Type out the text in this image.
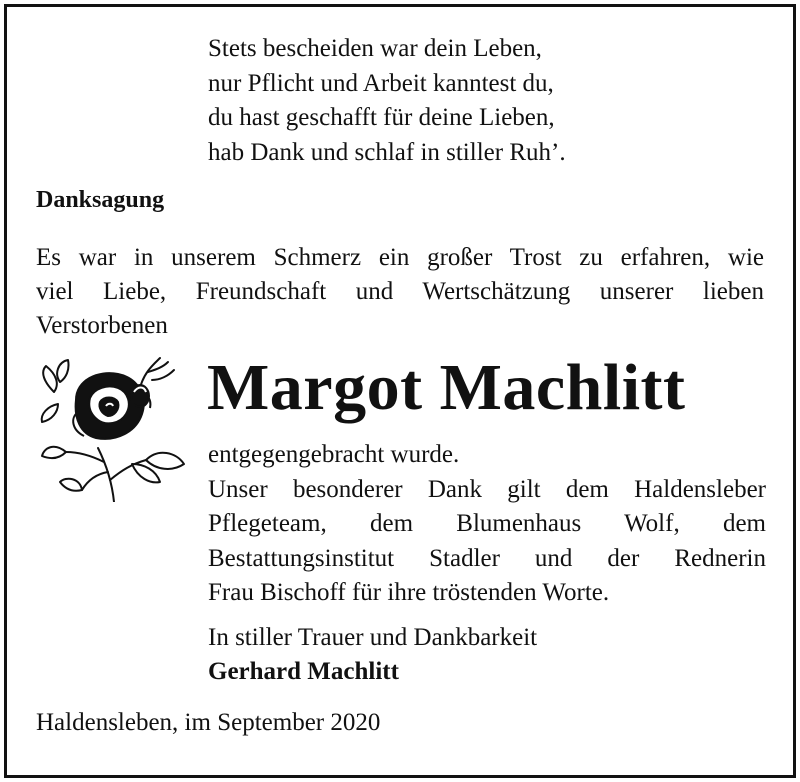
Stets bescheiden war dein Leben,
nur Pflicht und Arbeit kanntest du,
du hast geschafft für deine Lieben,
hab Dank und schlaf in stiller Ruh’.
Danksagung
Es war in unserem Schmerz ein großer Trost zu erfahren, wie
viel Liebe, Freundschaft und Wertschätzung unserer lieben
Verstorbenen
Margot Machlitt
entgegengebracht wurde.
Unser besonderer Dank gilt dem Haldensleber
Pflegeteam, dem Blumenhaus Wolf, dem
Bestattungsinstitut Stadler und der Rednerin
Frau Bischoff für ihre tröstenden Worte.
In stiller Trauer und Dankbarkeit
Gerhard Machlitt
Haldensleben, im September 2020
